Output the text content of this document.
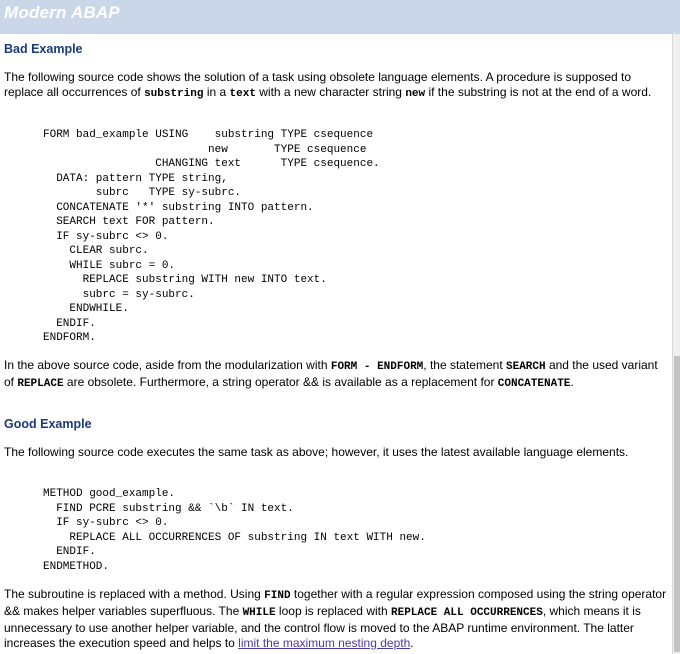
Modern ABAP
Bad Example

The following source code shows the solution of a task using obsolete language elements. A procedure is supposed to replace all occurrences of substring in a text with a new character string new if the substring is not at the end of a word.

FORM bad_example USING    substring TYPE csequence
new       TYPE csequence
CHANGING text      TYPE csequence.
DATA: pattern TYPE string,
subrc   TYPE sy-subrc.
CONCATENATE '*' substring INTO pattern.
SEARCH text FOR pattern.
IF sy-subrc <> 0.
CLEAR subrc.
WHILE subrc = 0.
REPLACE substring WITH new INTO text.
subrc = sy-subrc.
ENDWHILE.
ENDIF.
ENDFORM.

In the above source code, aside from the modularization with FORM - ENDFORM, the statement SEARCH and the used variant of REPLACE are obsolete. Furthermore, a string operator && is available as a replacement for CONCATENATE.

Good Example

The following source code executes the same task as above; however, it uses the latest available language elements.

METHOD good_example.
FIND PCRE substring && `\b` IN text.
IF sy-subrc <> 0.
REPLACE ALL OCCURRENCES OF substring IN text WITH new.
ENDIF.
ENDMETHOD.

The subroutine is replaced with a method. Using FIND together with a regular expression composed using the string operator && makes helper variables superfluous. The WHILE loop is replaced with REPLACE ALL OCCURRENCES, which means it is unnecessary to use another helper variable, and the control flow is moved to the ABAP runtime environment. The latter increases the execution speed and helps to limit the maximum nesting depth.
